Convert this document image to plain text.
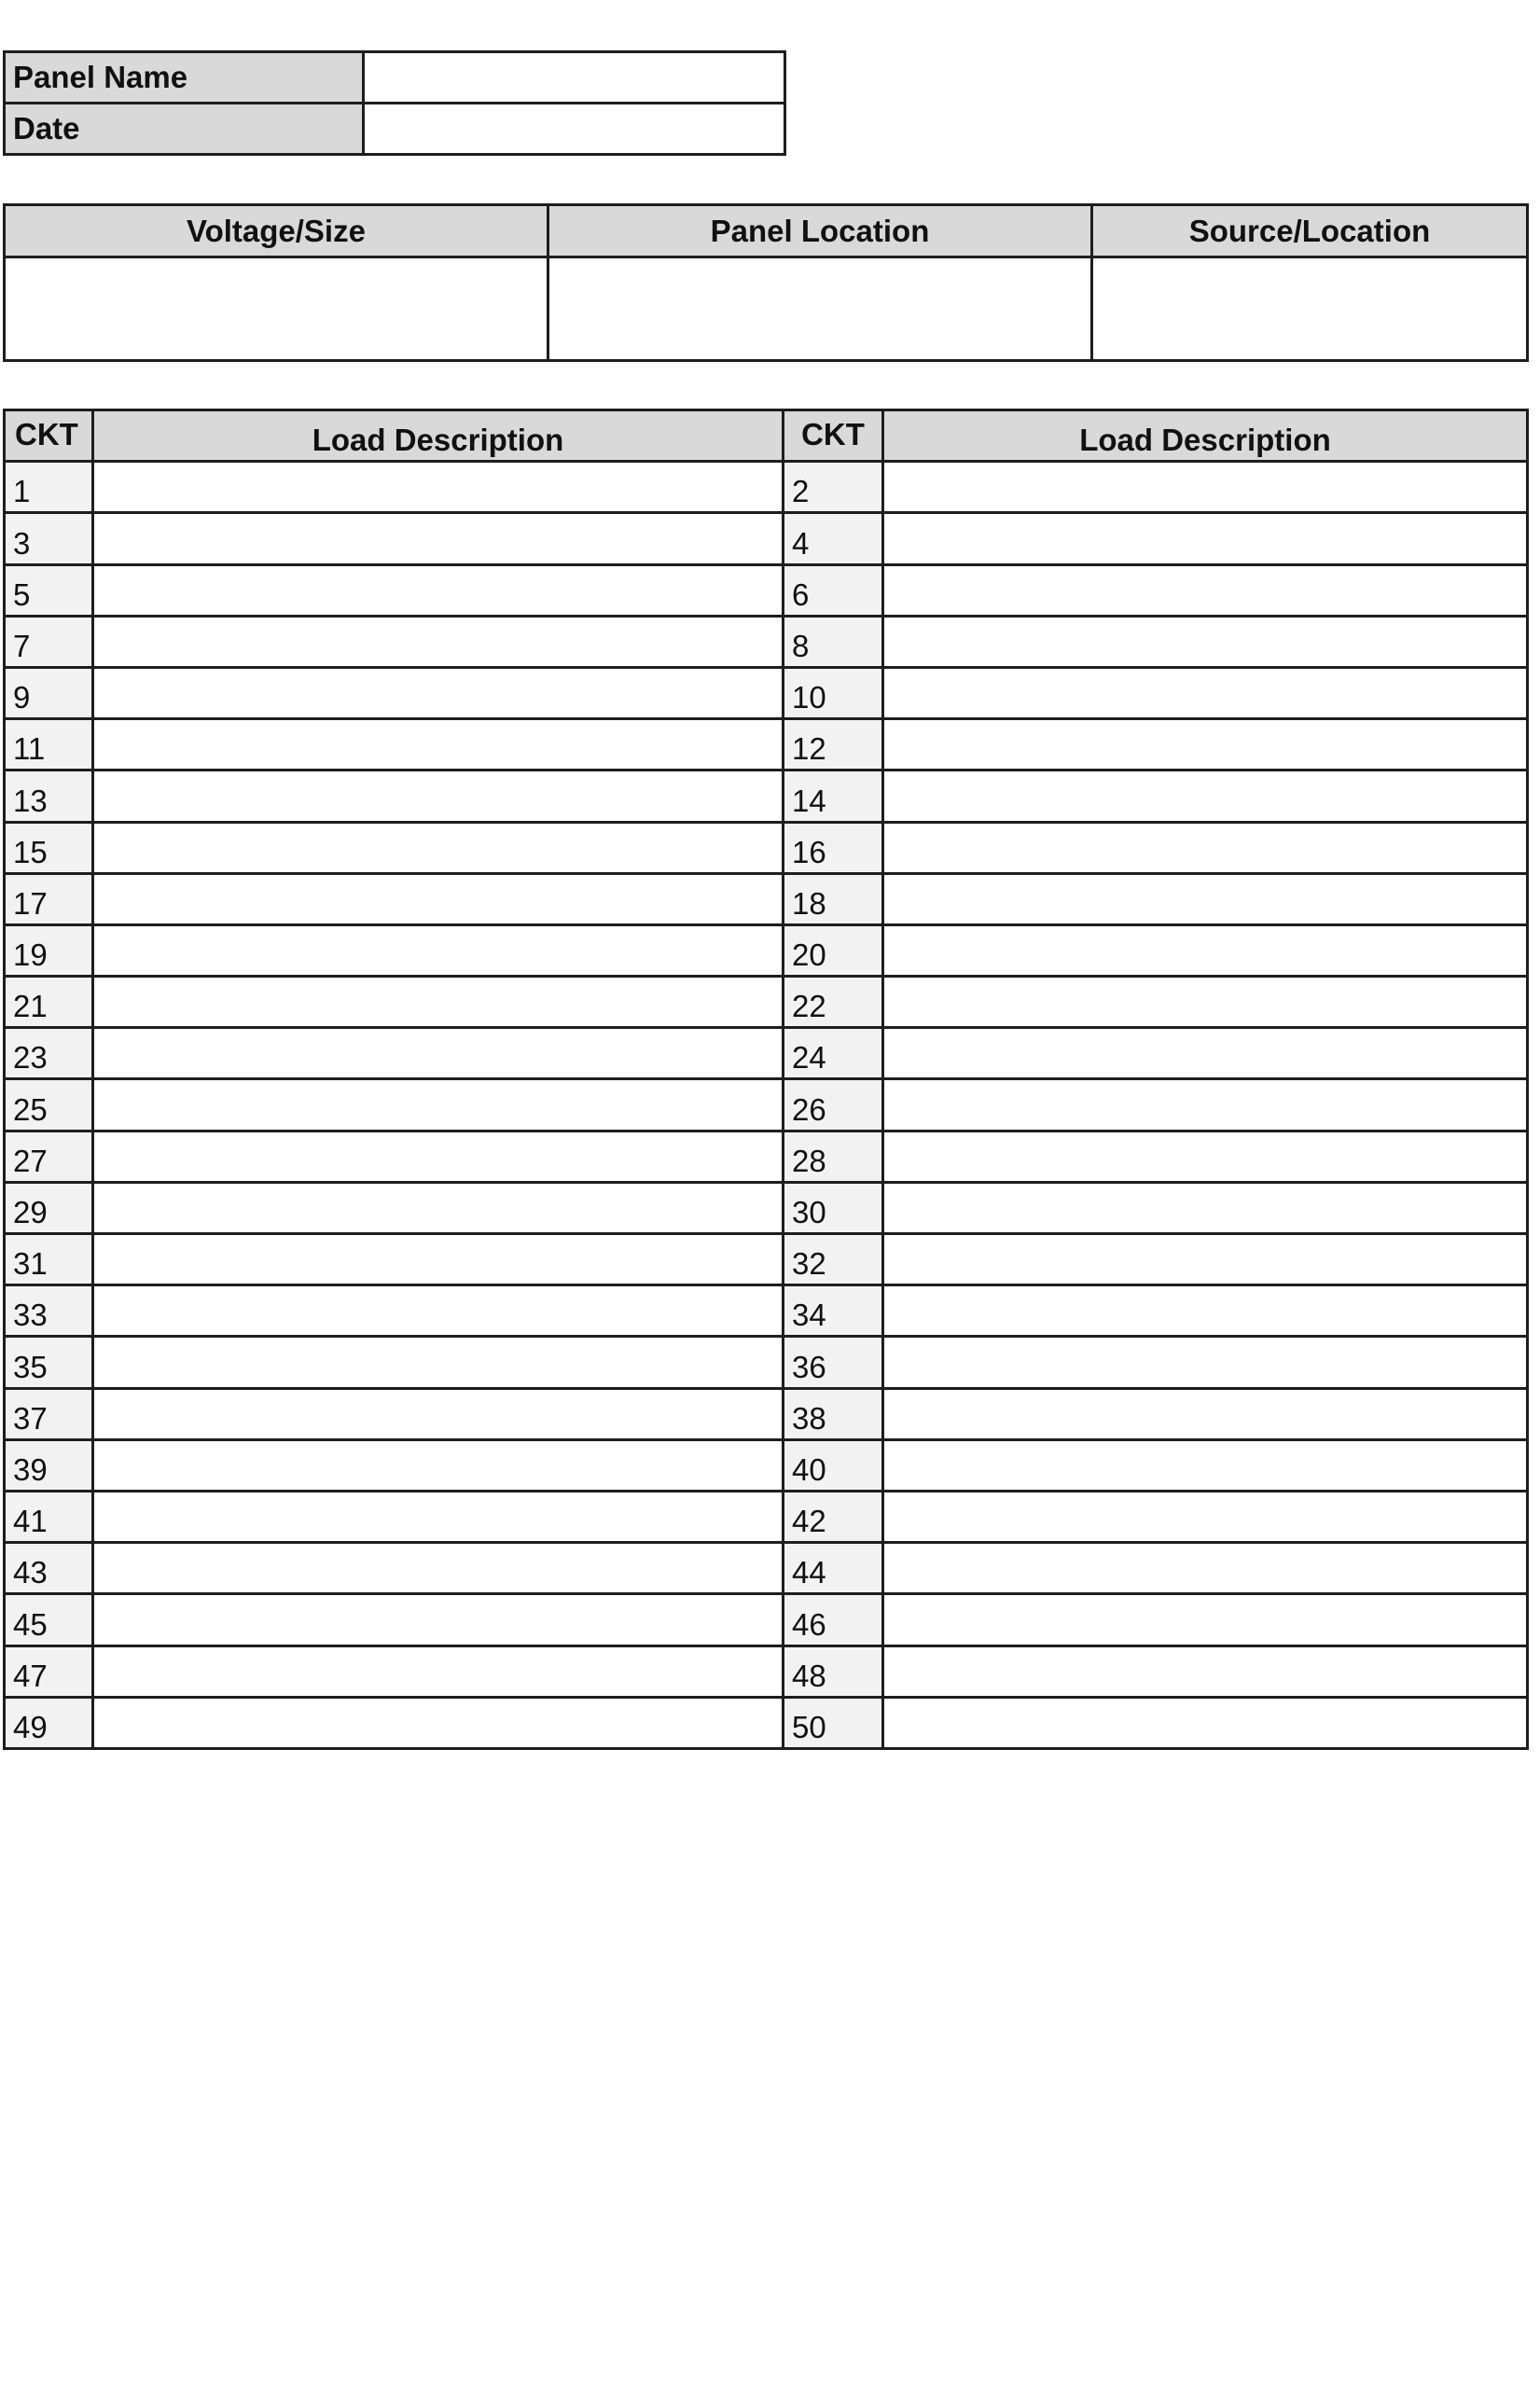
Panel Name	
Date	
Voltage/Size	Panel Location	Source/Location

CKT	Load Description	CKT	Load Description
1		2	
3		4	
5		6	
7		8	
9		10	
11		12	
13		14	
15		16	
17		18	
19		20	
21		22	
23		24	
25		26	
27		28	
29		30	
31		32	
33		34	
35		36	
37		38	
39		40	
41		42	
43		44	
45		46	
47		48	
49		50	
